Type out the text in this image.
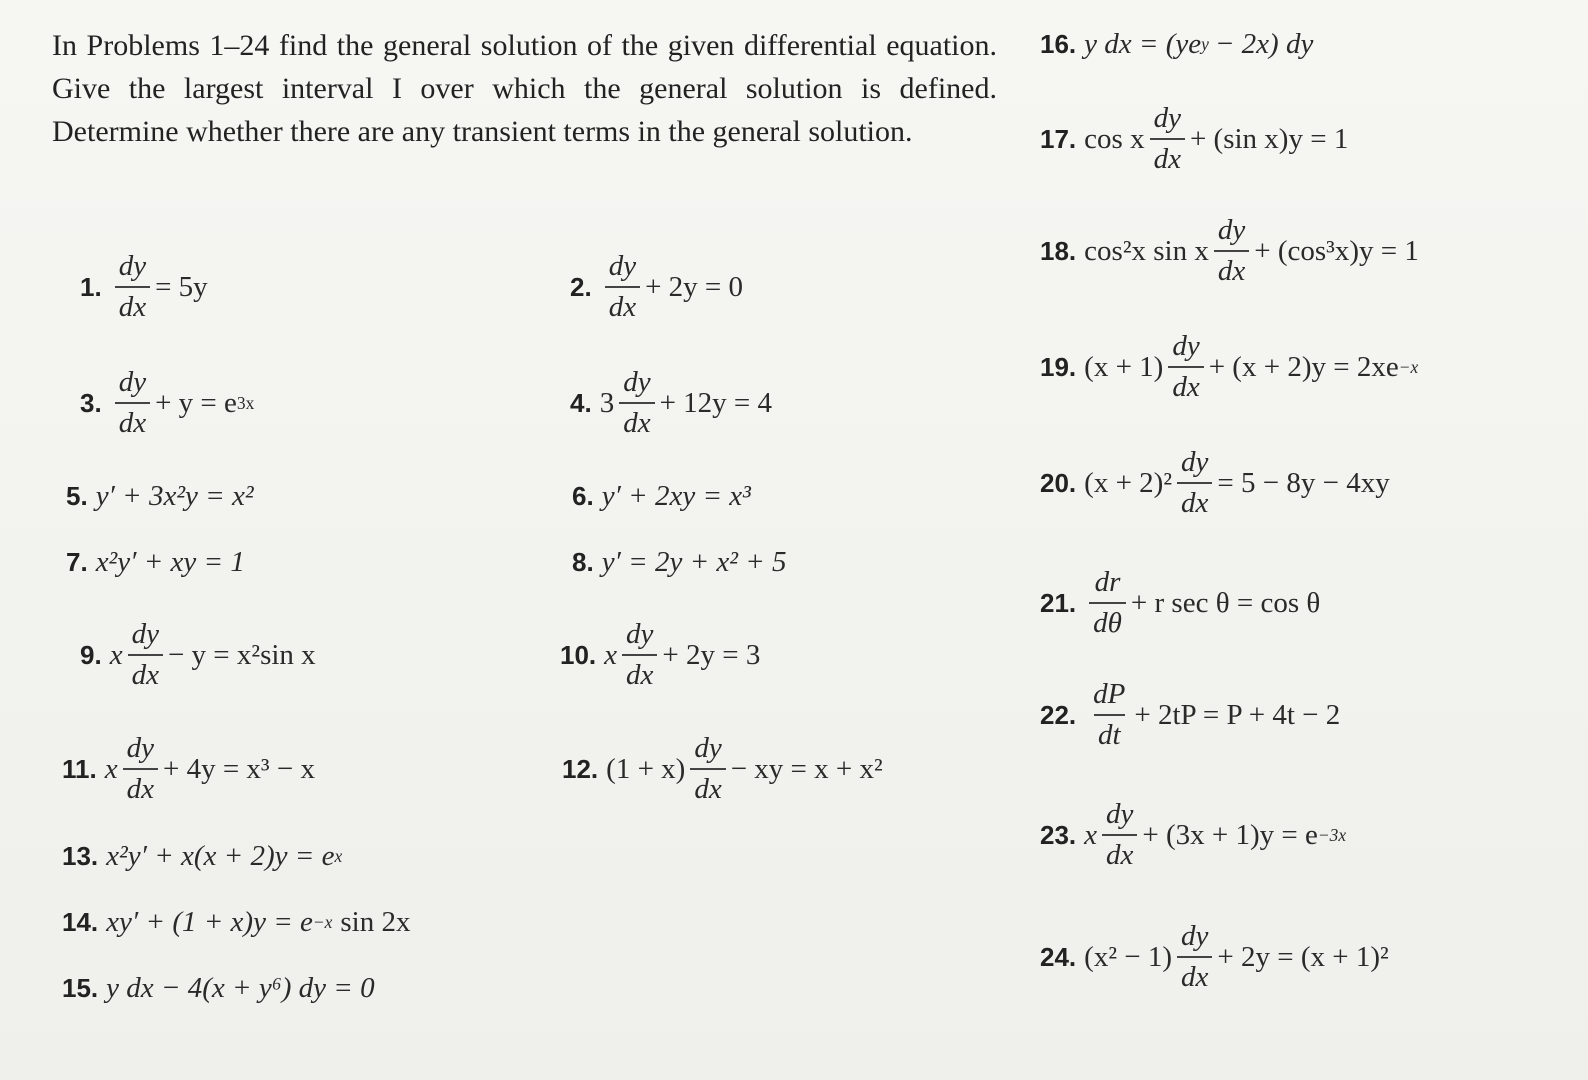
In Problems 1–24 find the general solution of the given differential equation. Give the largest interval I over which the general solution is defined. Determine whether there are any transient terms in the general solution.
1. $\frac{dy}{dx} = 5y$	2. $\frac{dy}{dx} + 2y = 0$
3. $\frac{dy}{dx} + y = e$ 3x	4. $3 \frac{dy}{dx} + 12y = 4$
5. y′ + 3x²y = x²	6. y′ + 2xy = x³
7. x²y′ + xy = 1	8. y′ = 2y + x² + 5
9. x $\frac{dy}{dx} - y = x^2\sin$ x	10. x $\frac{dy}{dx} + 2y = 3$
11. x $\frac{dy}{dx} + 4y = x^3 - x$	12. $(1 + x) \frac{dy}{dx}$ − xy = x + x²
13. x²y′ + x(x + 2)y = e x
14. xy′ + (1 + x)y = e −x sin 2x
15. y dx − 4(x + y⁶) dy = 0
16. y dx = (ye y − 2x) dy
17. cos x $\frac{dy}{dx} + (\sin$ x)y = 1
18. cos²x sin x $\frac{dy}{dx} + (\cos^3x)y = 1$
19. $(x + 1) \frac{dy}{dx} + (x + 2)y = 2xe -x$
20. $(x + 2)^2 \frac{dy}{dx} = 5 - 8y - 4xy$
21. $\frac{dr}{d\theta} + r$ sec θ = cos θ
22. $\frac{dP}{dt} + 2tP = P + 4t - 2$
23. x $\frac{dy}{dx} + (3x + 1)y = e -3x$
24. $(x^2 - 1) \frac{dy}{dx} + 2y = (x + 1)^2$
